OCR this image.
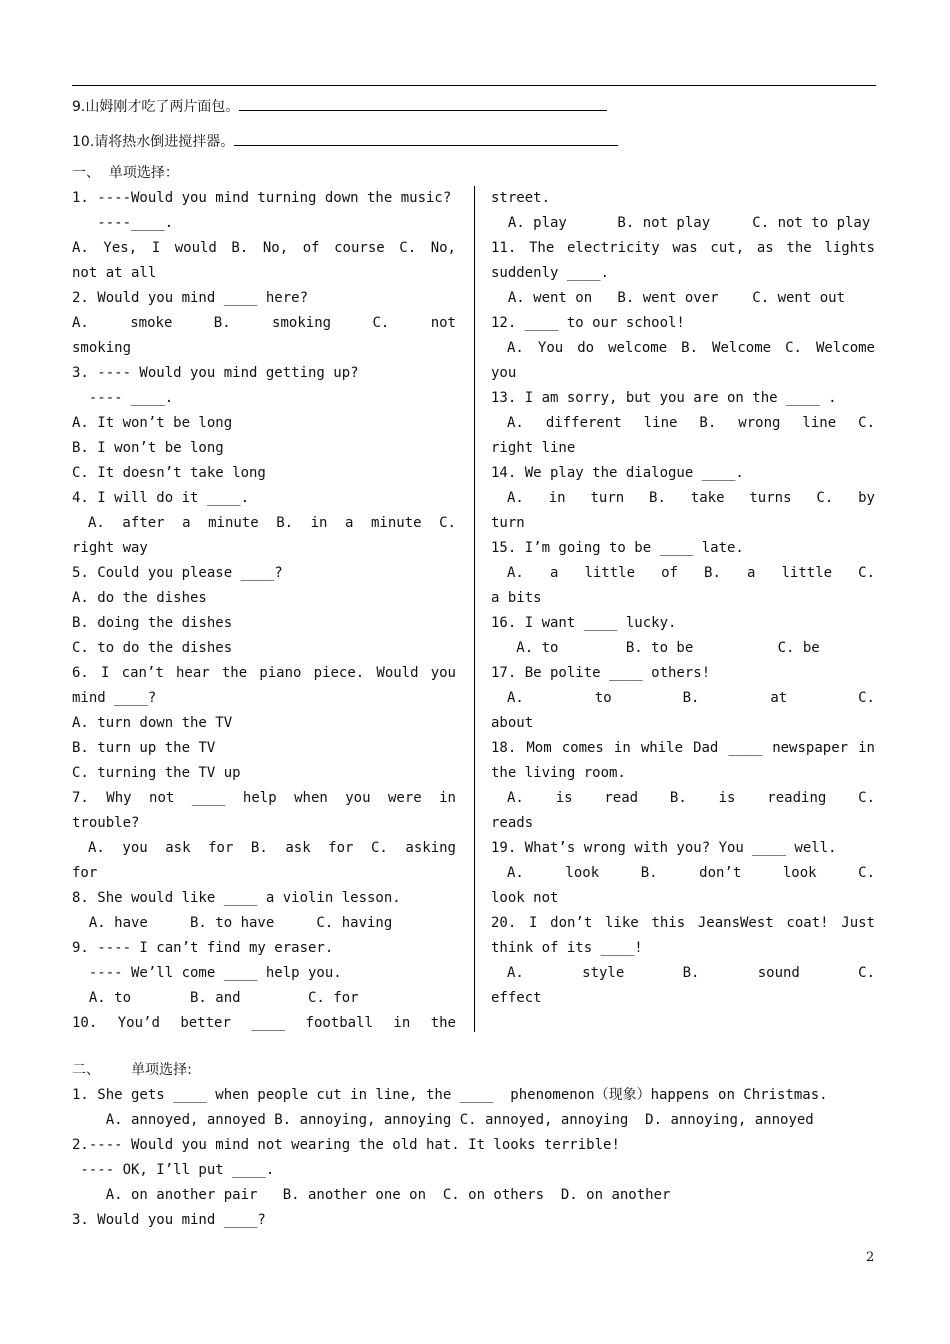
9.山姆刚才吃了两片面包。
10.请将热水倒进搅拌器。
一、  单项选择：
1. ----Would you mind turning down the music?
----____.
A. Yes, I would B. No, of course C. No,
not at all
2. Would you mind ____ here?
A. smoke B. smoking C. not
smoking
3. ---- Would you mind getting up?
---- ____.
A. It won’t be long
B. I won’t be long
C. It doesn’t take long
4. I will do it ____.
A. after a minute B. in a minute C.
right way
5. Could you please ____?
A. do the dishes
B. doing the dishes
C. to do the dishes
6. I can’t hear the piano piece. Would you
mind ____?
A. turn down the TV
B. turn up the TV
C. turning the TV up
7. Why not ____ help when you were in
trouble?
A. you ask for B. ask for C. asking
for
8. She would like ____ a violin lesson.
A. have     B. to have     C. having
9. ---- I can’t find my eraser.
---- We’ll come ____ help you.
A. to       B. and        C. for
10. You’d better ____ football in the
street.
A. play      B. not play     C. not to play
11. The electricity was cut, as the lights
suddenly ____.
A. went on   B. went over    C. went out
12. ____ to our school!
A. You do welcome B. Welcome C. Welcome
you
13. I am sorry, but you are on the ____ .
A. different line B. wrong line C.
right line
14. We play the dialogue ____.
A. in turn B. take turns C. by
turn
15. I’m going to be ____ late.
A. a little of B. a little C.
a bits
16. I want ____ lucky.
A. to        B. to be          C. be
17. Be polite ____ others!
A. to B. at C.
about
18. Mom comes in while Dad ____ newspaper in
the living room.
A. is read B. is reading C.
reads
19. What’s wrong with you? You ____ well.
A. look B. don’t look C.
look not
20. I don’t like this JeansWest coat! Just
think of its ____!
A. style B. sound C.
effect
二、       单项选择:
1. She gets ____ when people cut in line, the ____  phenomenon（现象）happens on Christmas.
A. annoyed, annoyed B. annoying, annoying C. annoyed, annoying  D. annoying, annoyed
2.---- Would you mind not wearing the old hat. It looks terrible!
---- OK, I’ll put ____.
A. on another pair   B. another one on  C. on others  D. on another
3. Would you mind ____?
2
